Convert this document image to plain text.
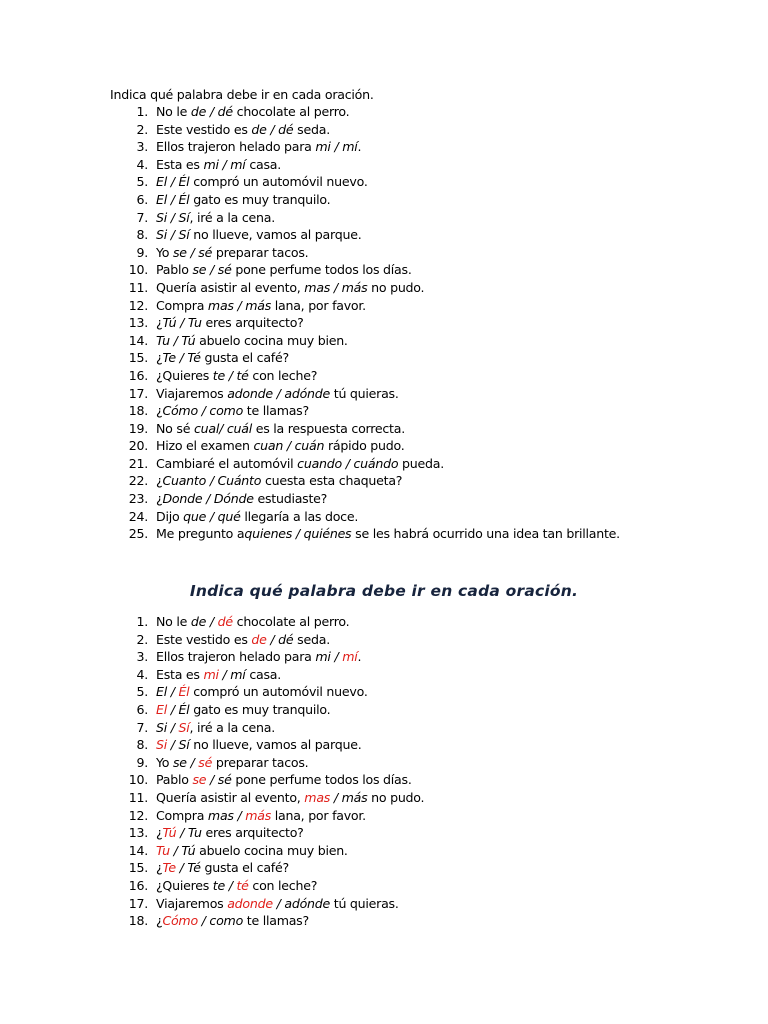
Indica qué palabra debe ir en cada oración.
1. No le de / dé chocolate al perro.
2. Este vestido es de / dé seda.
3. Ellos trajeron helado para mi / mí.
4. Esta es mi / mí casa.
5. El / Él compró un automóvil nuevo.
6. El / Él gato es muy tranquilo.
7. Si / Sí, iré a la cena.
8. Si / Sí no llueve, vamos al parque.
9. Yo se / sé preparar tacos.
10. Pablo se / sé pone perfume todos los días.
11. Quería asistir al evento, mas / más no pudo.
12. Compra mas / más lana, por favor.
13. ¿Tú / Tu eres arquitecto?
14. Tu / Tú abuelo cocina muy bien.
15. ¿Te / Té gusta el café?
16. ¿Quieres te / té con leche?
17. Viajaremos adonde / adónde tú quieras.
18. ¿Cómo / como te llamas?
19. No sé cual/ cuál es la respuesta correcta.
20. Hizo el examen cuan / cuán rápido pudo.
21. Cambiaré el automóvil cuando / cuándo pueda.
22. ¿Cuanto / Cuánto cuesta esta chaqueta?
23. ¿Donde / Dónde estudiaste?
24. Dijo que / qué llegaría a las doce.
25. Me pregunto aquienes / quiénes se les habrá ocurrido una idea tan brillante.
Indica qué palabra debe ir en cada oración.
1. No le de / dé chocolate al perro.
2. Este vestido es de / dé seda.
3. Ellos trajeron helado para mi / mí.
4. Esta es mi / mí casa.
5. El / Él compró un automóvil nuevo.
6. El / Él gato es muy tranquilo.
7. Si / Sí, iré a la cena.
8. Si / Sí no llueve, vamos al parque.
9. Yo se / sé preparar tacos.
10. Pablo se / sé pone perfume todos los días.
11. Quería asistir al evento, mas / más no pudo.
12. Compra mas / más lana, por favor.
13. ¿Tú / Tu eres arquitecto?
14. Tu / Tú abuelo cocina muy bien.
15. ¿Te / Té gusta el café?
16. ¿Quieres te / té con leche?
17. Viajaremos adonde / adónde tú quieras.
18. ¿Cómo / como te llamas?
